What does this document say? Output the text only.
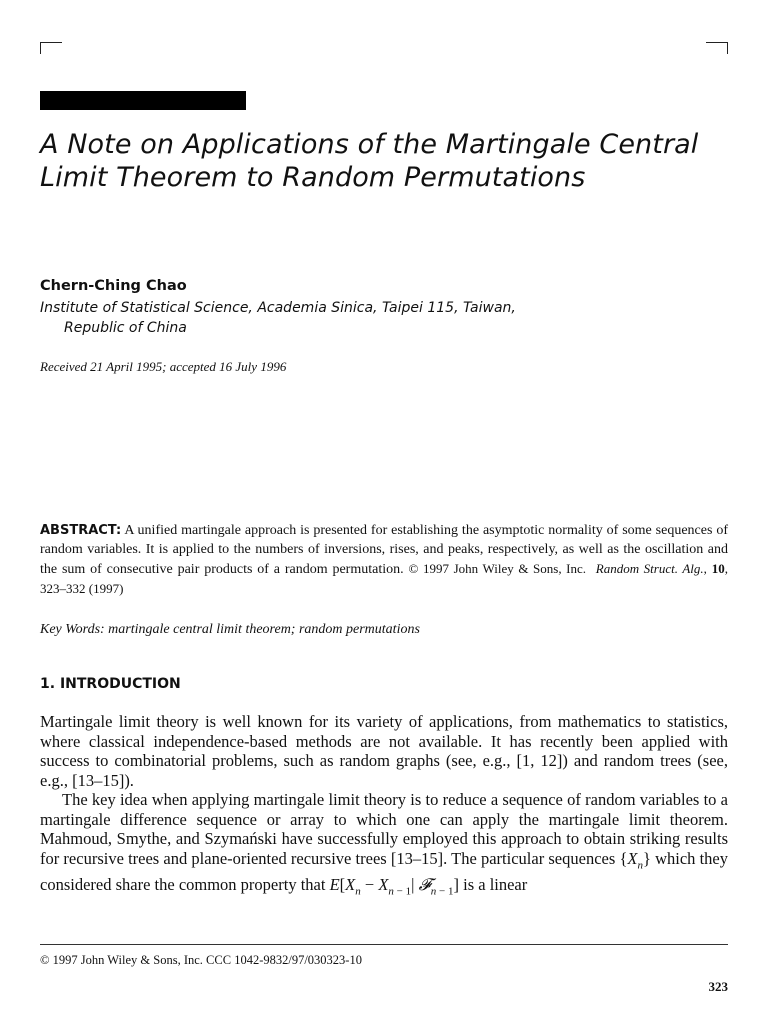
A Note on Applications of the Martingale Central Limit Theorem to Random Permutations
Chern-Ching Chao
Institute of Statistical Science, Academia Sinica, Taipei 115, Taiwan,
Republic of China
Received 21 April 1995; accepted 16 July 1996

ABSTRACT: A unified martingale approach is presented for establishing the asymptotic normality of some sequences of random variables. It is applied to the numbers of inversions, rises, and peaks, respectively, as well as the oscillation and the sum of consecutive pair products of a random permutation. © 1997 John Wiley & Sons, Inc. Random Struct. Alg., 10, 323–332 (1997)

Key Words: martingale central limit theorem; random permutations
1. INTRODUCTION

Martingale limit theory is well known for its variety of applications, from mathematics to statistics, where classical independence-based methods are not available. It has recently been applied with success to combinatorial problems, such as random graphs (see, e.g., [1, 12]) and random trees (see, e.g., [13–15]).

The key idea when applying martingale limit theory is to reduce a sequence of random variables to a martingale difference sequence or array to which one can apply the martingale limit theorem. Mahmoud, Smythe, and Szymański have successfully employed this approach to obtain striking results for recursive trees and plane-oriented recursive trees [13–15]. The particular sequences $\{X_n\}$ which they considered share the common property that $E[X_n - X_{n - 1}|$ 𝓕$_{n - 1}$] is a linear

© 1997 John Wiley & Sons, Inc. CCC 1042-9832/97/030323-10
323
